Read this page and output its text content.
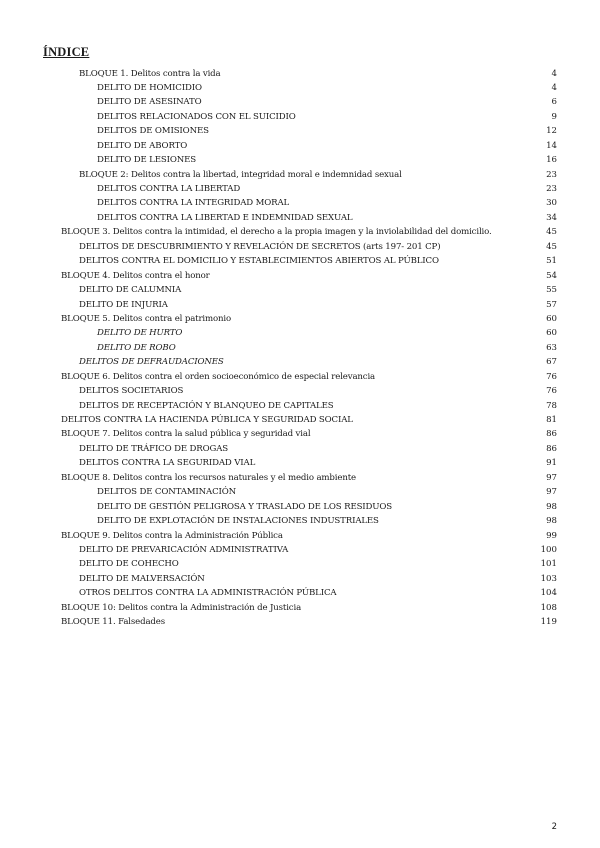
ÍNDICE
BLOQUE 1. Delitos contra la vida	4
DELITO DE HOMICIDIO	4
DELITO DE ASESINATO	6
DELITOS RELACIONADOS CON EL SUICIDIO	9
DELITOS DE OMISIONES	12
DELITO DE ABORTO	14
DELITO DE LESIONES	16
BLOQUE 2: Delitos contra la libertad, integridad moral e indemnidad sexual	23
DELITOS CONTRA LA LIBERTAD	23
DELITOS CONTRA LA INTEGRIDAD MORAL	30
DELITOS CONTRA LA LIBERTAD E INDEMNIDAD SEXUAL	34
BLOQUE 3. Delitos contra la intimidad, el derecho a la propia imagen y la inviolabilidad del domicilio.	45
DELITOS DE DESCUBRIMIENTO Y REVELACIÓN DE SECRETOS (arts 197- 201 CP)	45
DELITOS CONTRA EL DOMICILIO Y ESTABLECIMIENTOS ABIERTOS AL PÚBLICO	51
BLOQUE 4. Delitos contra el honor	54
DELITO DE CALUMNIA	55
DELITO DE INJURIA	57
BLOQUE 5. Delitos contra el patrimonio	60
DELITO DE HURTO	60
DELITO DE ROBO	63
DELITOS DE DEFRAUDACIONES	67
BLOQUE 6. Delitos contra el orden socioeconómico de especial relevancia	76
DELITOS SOCIETARIOS	76
DELITOS DE RECEPTACIÓN Y BLANQUEO DE CAPITALES	78
DELITOS CONTRA LA HACIENDA PÚBLICA Y SEGURIDAD SOCIAL	81
BLOQUE 7. Delitos contra la salud pública y seguridad vial	86
DELITO DE TRÁFICO DE DROGAS	86
DELITOS CONTRA LA SEGURIDAD VIAL	91
BLOQUE 8. Delitos contra los recursos naturales y el medio ambiente	97
DELITOS DE CONTAMINACIÓN	97
DELITO DE GESTIÓN PELIGROSA Y TRASLADO DE LOS RESIDUOS	98
DELITO DE EXPLOTACIÓN DE INSTALACIONES INDUSTRIALES	98
BLOQUE 9. Delitos contra la Administración Pública	99
DELITO DE PREVARICACIÓN ADMINISTRATIVA	100
DELITO DE COHECHO	101
DELITO DE MALVERSACIÓN	103
OTROS DELITOS CONTRA LA ADMINISTRACIÓN PÚBLICA	104
BLOQUE 10: Delitos contra la Administración de Justicia	108
BLOQUE 11. Falsedades	119
2
